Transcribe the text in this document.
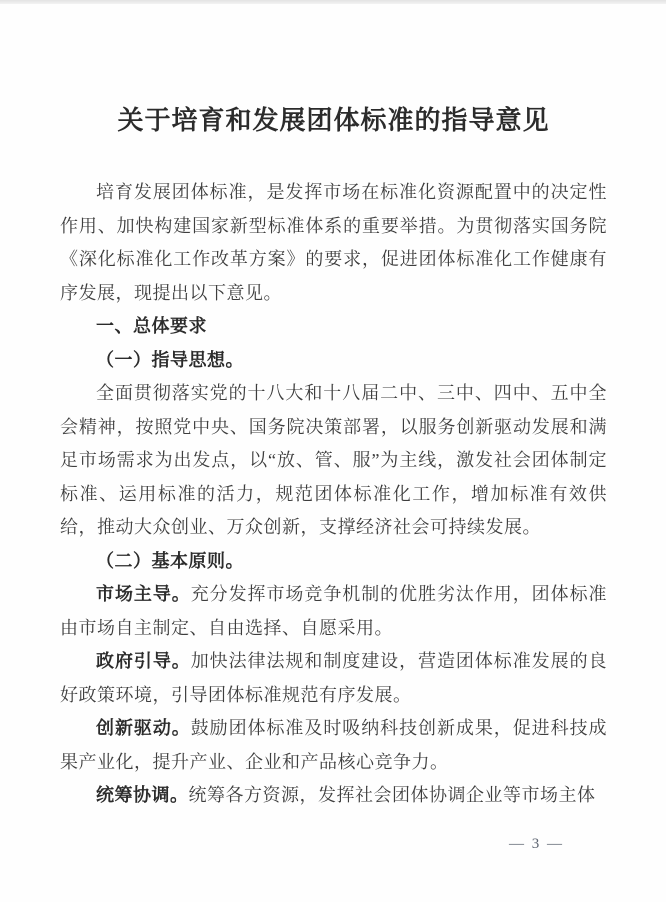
关于培育和发展团体标准的指导意见

培育发展团体标准，是发挥市场在标准化资源配置中的决定性作用、加快构建国家新型标准体系的重要举措。为贯彻落实国务院《深化标准化工作改革方案》的要求，促进团体标准化工作健康有序发展，现提出以下意见。

一、总体要求

（一）指导思想。

全面贯彻落实党的十八大和十八届二中、三中、四中、五中全会精神，按照党中央、国务院决策部署，以服务创新驱动发展和满足市场需求为出发点，以“放、管、服”为主线，激发社会团体制定标准、运用标准的活力，规范团体标准化工作，增加标准有效供给，推动大众创业、万众创新，支撑经济社会可持续发展。

（二）基本原则。

市场主导。充分发挥市场竞争机制的优胜劣汰作用，团体标准由市场自主制定、自由选择、自愿采用。

政府引导。加快法律法规和制度建设，营造团体标准发展的良好政策环境，引导团体标准规范有序发展。

创新驱动。鼓励团体标准及时吸纳科技创新成果，促进科技成果产业化，提升产业、企业和产品核心竞争力。

统筹协调。统筹各方资源，发挥社会团体协调企业等市场主体

— 3 —
